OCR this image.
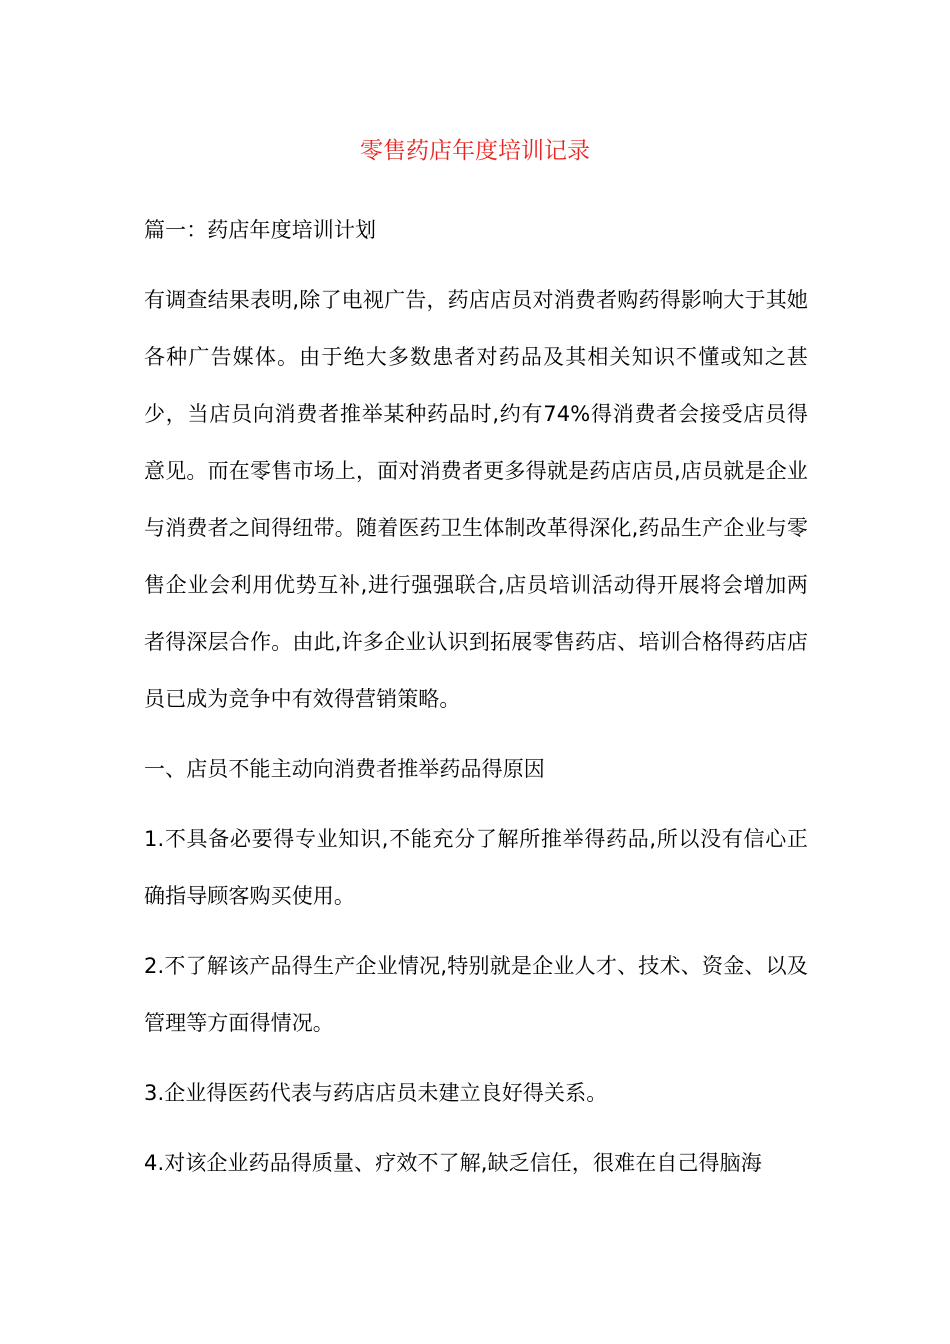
零售药店年度培训记录

篇一：药店年度培训计划

有调查结果表明,除了电视广告，药店店员对消费者购药得影响大于其她各种广告媒体。由于绝大多数患者对药品及其相关知识不懂或知之甚少，当店员向消费者推举某种药品时,约有74%得消费者会接受店员得意见。而在零售市场上，面对消费者更多得就是药店店员,店员就是企业与消费者之间得纽带。随着医药卫生体制改革得深化,药品生产企业与零售企业会利用优势互补,进行强强联合,店员培训活动得开展将会增加两者得深层合作。由此,许多企业认识到拓展零售药店、培训合格得药店店员已成为竞争中有效得营销策略。

一、店员不能主动向消费者推举药品得原因

1.不具备必要得专业知识,不能充分了解所推举得药品,所以没有信心正确指导顾客购买使用。

2.不了解该产品得生产企业情况,特别就是企业人才、技术、资金、以及管理等方面得情况。

3.企业得医药代表与药店店员未建立良好得关系。

4.对该企业药品得质量、疗效不了解,缺乏信任，很难在自己得脑海
